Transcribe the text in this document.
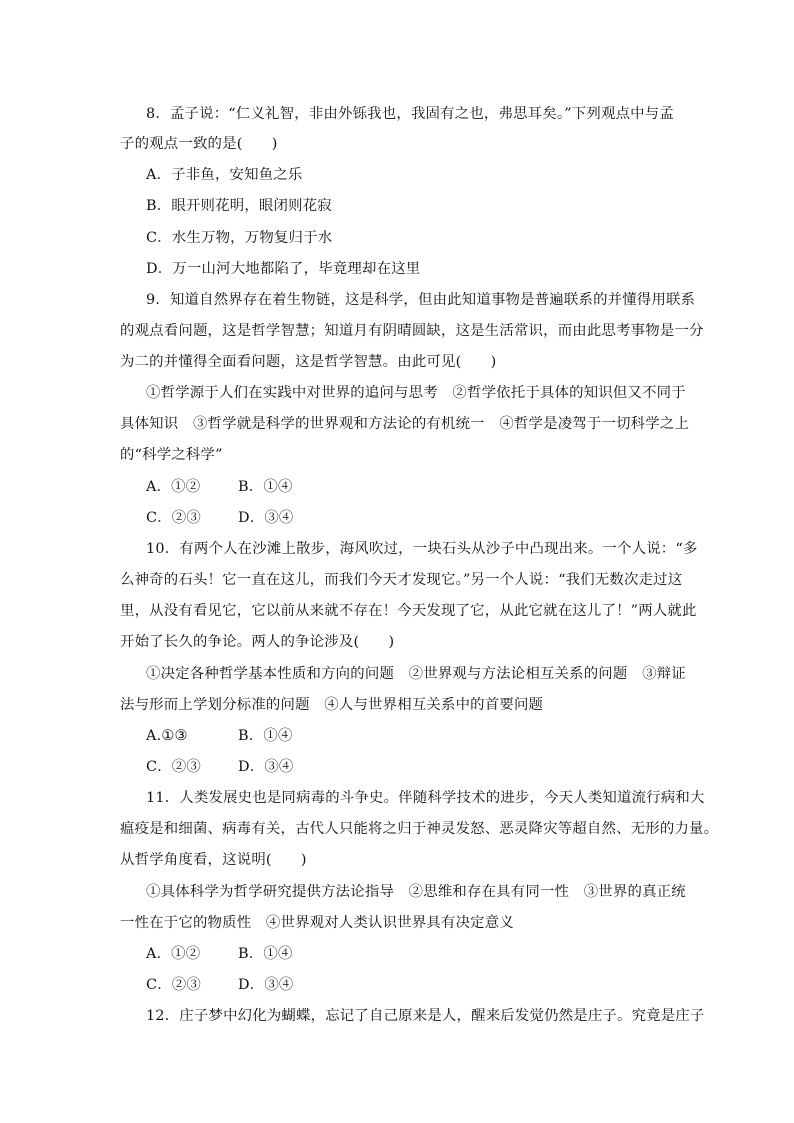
8．孟子说：“仁义礼智，非由外铄我也，我固有之也，弗思耳矣。”下列观点中与孟
子的观点一致的是(　　)
A．子非鱼，安知鱼之乐
B．眼开则花明，眼闭则花寂
C．水生万物，万物复归于水
D．万一山河大地都陷了，毕竟理却在这里
9．知道自然界存在着生物链，这是科学，但由此知道事物是普遍联系的并懂得用联系
的观点看问题，这是哲学智慧；知道月有阴晴圆缺，这是生活常识，而由此思考事物是一分
为二的并懂得全面看问题，这是哲学智慧。由此可见(　　)
①哲学源于人们在实践中对世界的追问与思考　②哲学依托于具体的知识但又不同于
具体知识　③哲学就是科学的世界观和方法论的有机统一　④哲学是凌驾于一切科学之上
的“科学之科学”
A．①②	B．①④
C．②③	D．③④
10．有两个人在沙滩上散步，海风吹过，一块石头从沙子中凸现出来。一个人说：“多
么神奇的石头！它一直在这儿，而我们今天才发现它。”另一个人说：“我们无数次走过这
里，从没有看见它，它以前从来就不存在！今天发现了它，从此它就在这儿了！”两人就此
开始了长久的争论。两人的争论涉及(　　)
①决定各种哲学基本性质和方向的问题　②世界观与方法论相互关系的问题　③辩证
法与形而上学划分标准的问题　④人与世界相互关系中的首要问题
A.①③	B．①④
C．②③	D．③④
11．人类发展史也是同病毒的斗争史。伴随科学技术的进步，今天人类知道流行病和大
瘟疫是和细菌、病毒有关，古代人只能将之归于神灵发怒、恶灵降灾等超自然、无形的力量。
从哲学角度看，这说明(　　)
①具体科学为哲学研究提供方法论指导　②思维和存在具有同一性　③世界的真正统
一性在于它的物质性　④世界观对人类认识世界具有决定意义
A．①②	B．①④
C．②③	D．③④
12．庄子梦中幻化为蝴蝶，忘记了自己原来是人，醒来后发觉仍然是庄子。究竟是庄子
